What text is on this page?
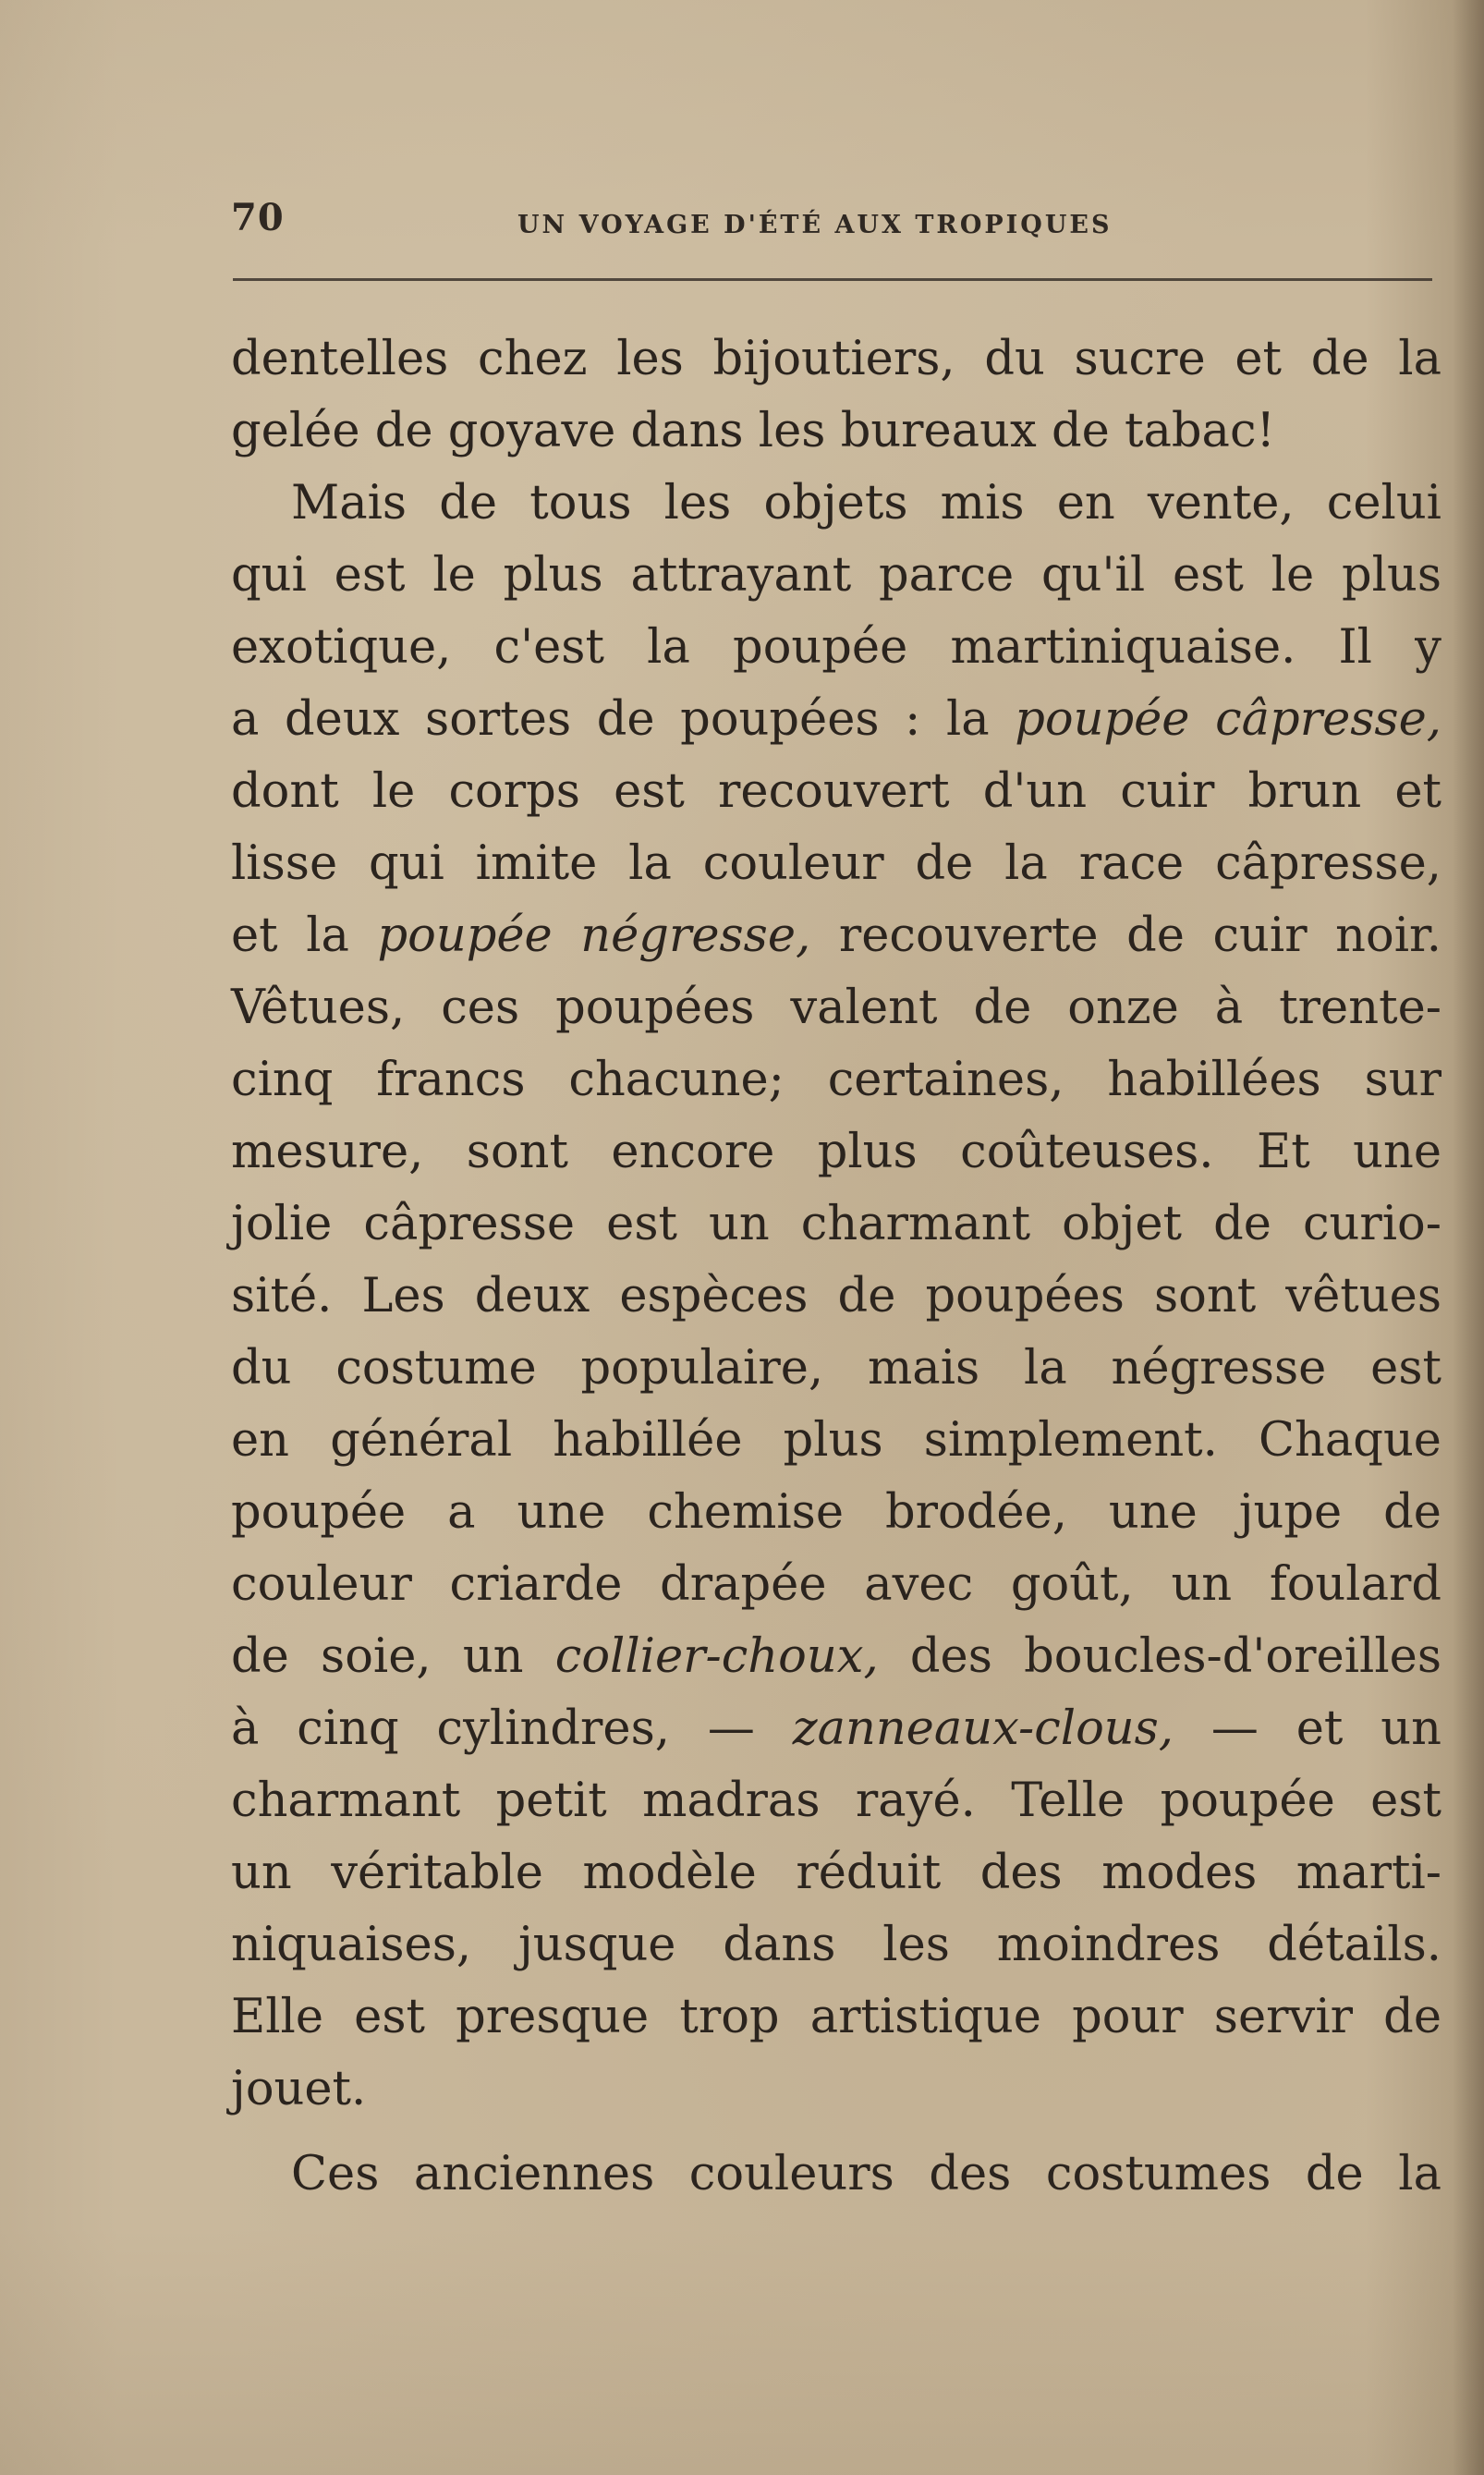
70	UN VOYAGE D'ÉTÉ AUX TROPIQUES
dentelles chez les bijoutiers, du sucre et de la
gelée de goyave dans les bureaux de tabac!
Mais de tous les objets mis en vente, celui
qui est le plus attrayant parce qu'il est le plus
exotique, c'est la poupée martiniquaise. Il y
a deux sortes de poupées : la poupée câpresse,
dont le corps est recouvert d'un cuir brun et
lisse qui imite la couleur de la race câpresse,
et la poupée négresse, recouverte de cuir noir.
Vêtues, ces poupées valent de onze à trente-
cinq francs chacune; certaines, habillées sur
mesure, sont encore plus coûteuses. Et une
jolie câpresse est un charmant objet de curio-
sité. Les deux espèces de poupées sont vêtues
du costume populaire, mais la négresse est
en général habillée plus simplement. Chaque
poupée a une chemise brodée, une jupe de
couleur criarde drapée avec goût, un foulard
de soie, un collier-choux, des boucles-d'oreilles
à cinq cylindres, — zanneaux-clous, — et un
charmant petit madras rayé. Telle poupée est
un véritable modèle réduit des modes marti-
niquaises, jusque dans les moindres détails.
Elle est presque trop artistique pour servir de
jouet.
Ces anciennes couleurs des costumes de la
